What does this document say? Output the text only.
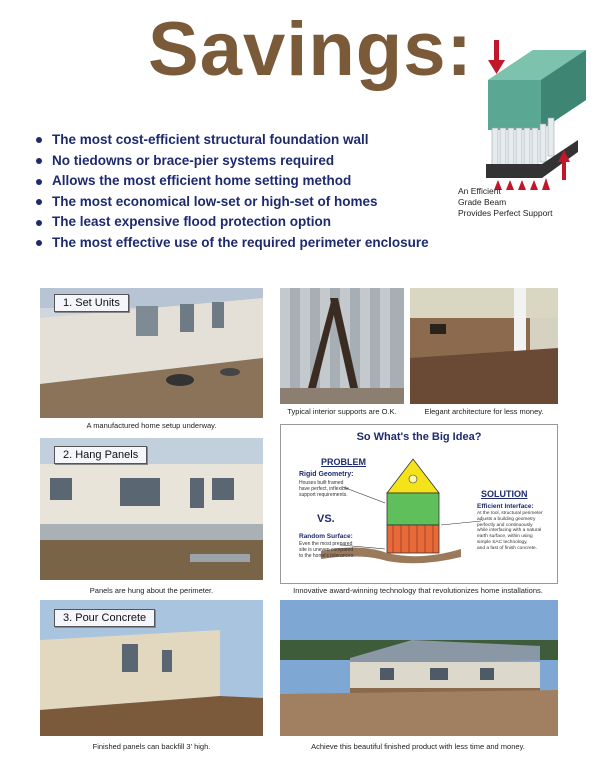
Savings:
The most cost-efficient structural foundation wall
No tiedowns or brace-pier systems required
Allows the most efficient home setting method
The most economical low-set or high-set of homes
The least expensive flood protection option
The most effective use of the required perimeter enclosure
An Efficient
Grade Beam
Provides Perfect Support
1. Set Units
A manufactured home setup underway.
Typical interior supports are O.K.	Elegant architecture for less money.
2. Hang Panels
Panels are hung about the perimeter.
So What's the Big Idea?
PROBLEM
Rigid Geometry:
Houses built framed
have perfect, inflexible
support requirements.
VS.
Random Surface:
Even the most prepared
site is uneven compared
to the home's tolerances.
SOLUTION
Efficient Interface:
At the tool, structural perimeter
adjusts a building geometry
perfectly and continuously
while interfacing with a natural
earth surface, within using
simple SAC technology,
and a fast of finish concrete.
Innovative award-winning technology that revolutionizes home installations.
3. Pour Concrete
Finished panels can backfill 3' high.	Achieve this beautiful finished product with less time and money.
